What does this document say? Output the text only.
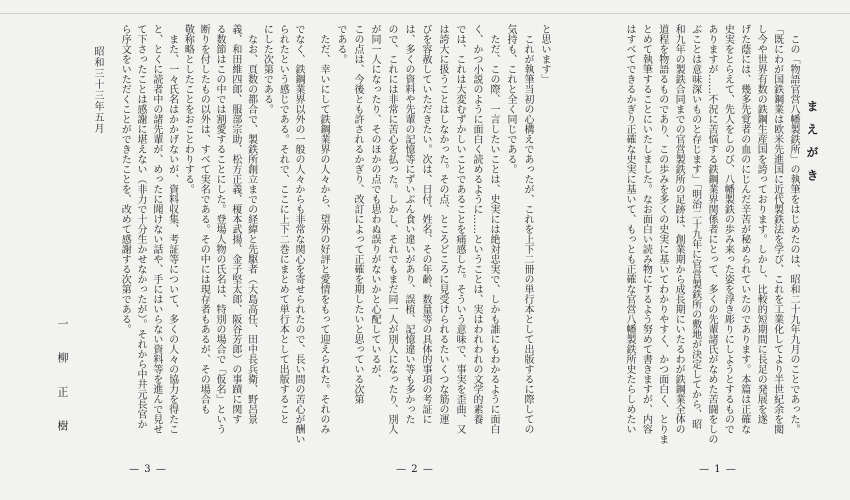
まえがき
この「物語官営八幡製鉄所」の執筆をはじめたのは、昭和二十九年九月のことであった。
「既にわが国鉄鋼業は欧米先進国に近代製鉄法を学び、これを工業化してより半世紀余を閲
し今や世界有数の鉄鋼生産国を誇っております。しかし、比較的短期間に長足の発展を遂
げた蔭には、幾多先覚者の血のにじんだ辛苦が秘められていたのであります。本篇は正確な
史実をとらえて、先人をしのび、八幡製鉄の歩み来った姿を浮き彫りにしようとするもので
ありますが……不況に苦悩する鉄鋼業界関係者にとって、多くの先輩諸氏がなめた苦闘をしの
ぶことは意味深いものと存じます」「明治二十九年に官営製鉄所の敷地が決定してから、昭
和九年の製鉄合同までの官営製鉄所の足跡は、創業期から成長期にいたるわが鉄鋼業全体の
道程を物語るものであり、この歩みを多くの史実に基いてわかりやすく、かつ面白く、とりま
とめて執筆することにいたしました。なお面白い読み物にするよう努めて書きますが、内容
はすべてできるかぎり正確な史実に基いて、もっとも正確な官営八幡製鉄所史たらしめたい
と思います」
これが執筆当初の心構えであったが、これを上下二冊の単行本として出版するに際しての
気持も、これと全く同じである。
ただ、この際、一言したいことは、史実には絶対忠実で、しかも誰にもわかるように面白
く、かつ小説のように面白く読めるように……ということは、実はわれわれの文学的素養
では、これは大変むずかしいことであることを痛感した。そういう意味で、事実を歪曲、又
は誇大に扱うことはしなかった。その点、ところどころに見受けられるたいくつな筋の運
びを容赦していただきたい。次は、日付、姓名、その年齢、数量等の具体的事項の考証に
は、多くの資料や先輩の記憶等にずいぶん食い違いがあり、誤植、記憶違い等も多かった
ので、これには非常に苦心を払った。しかし、それでもまだ同一人が別人になったり、別人
が同一人になったり、そのほかの点でも思わぬ誤りがないかと心配しているが、
この点は、今後とも許されるかぎり、改訂によって正確を期したいと思っている次第
である。
ただ、幸いにして鉄鋼業界の人々から、望外の好評と愛情をもって迎えられた。それのみ
でなく、鉄鋼業界以外の一般の人々からも非常な関心を寄せられたので、長い間の苦心が酬い
られたという感じである。それで、ここに上下二巻にまとめて単行本として出版すること
にした次第である。
なお、頁数の都合で、製鉄所創立までの経緯と先駆者（大島高任、田中長兵衛、野呂景
義、和田維四郎、服部宗助、松方正義、榎本武揚、金子堅太郎、阪谷芳郎）の事蹟に関す
る数節はこの中では割愛することにした。登場人物の氏名は、特別の場合で「仮名」という
断りを付したもの以外は、すべて実名である。その中には現存者もあるが、その場合も
敬称略としたことをおことわりする。
また、一々氏名はかかげないが、資料収集、考証等について、多くの人々の協力を得たこ
と、とくに読者中の諸先輩が、めったに聞けない話や、手にはいらない資料等を進んで見せ
て下さったことは感謝に堪えない（非力で十分生かせなかったが）。それから中井元長官か
ら序文をいただくことができたことを、改めて感謝する次第である。
昭和三十三年五月
一柳正樹
— 1 —
— 2 —
— 3 —
